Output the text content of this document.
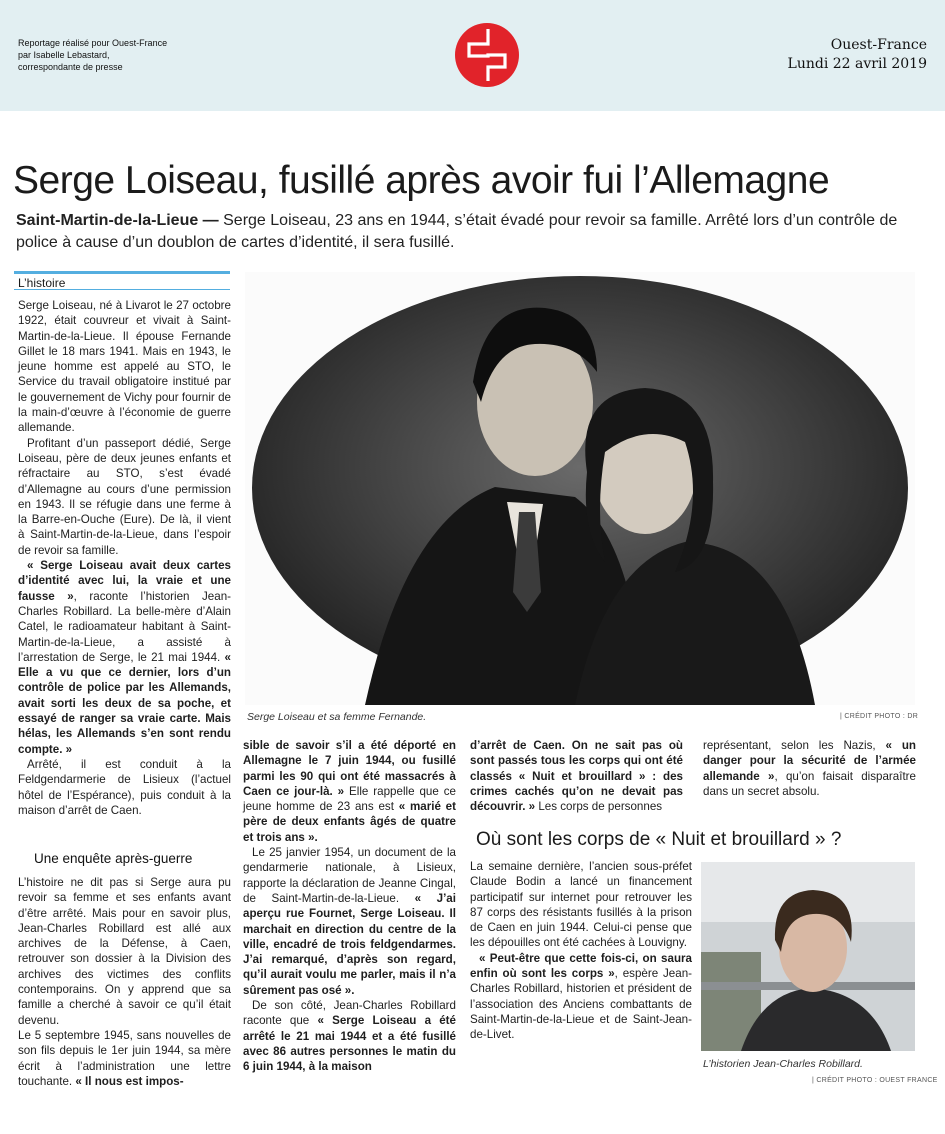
Reportage réalisé pour Ouest-France
par Isabelle Lebastard,
correspondante de presse
Ouest-France
Lundi 22 avril 2019
Serge Loiseau, fusillé après avoir fui l’Allemagne
Saint-Martin-de-la-Lieue — Serge Loiseau, 23 ans en 1944, s’était évadé pour revoir sa famille. Arrêté lors d’un contrôle de police à cause d’un doublon de cartes d’identité, il sera fusillé.
L’histoire
Serge Loiseau et sa femme Fernande.	| CRÉDIT PHOTO : DR

Serge Loiseau, né à Livarot le 27 octobre 1922, était couvreur et vivait à Saint-Martin-de-la-Lieue. Il épouse Fernande Gillet le 18 mars 1941. Mais en 1943, le jeune homme est appelé au STO, le Service du travail obligatoire institué par le gouvernement de Vichy pour fournir de la main-d’œuvre à l’économie de guerre allemande.

Profitant d’un passeport dédié, Serge Loiseau, père de deux jeunes enfants et réfractaire au STO, s’est évadé d’Allemagne au cours d’une permission en 1943. Il se réfugie dans une ferme à la Barre-en-Ouche (Eure). De là, il vient à Saint-Martin-de-la-Lieue, dans l’espoir de revoir sa famille.

« Serge Loiseau avait deux cartes d’identité avec lui, la vraie et une fausse », raconte l’historien Jean-Charles Robillard. La belle-mère d’Alain Catel, le radioamateur habitant à Saint-Martin-de-la-Lieue, a assisté à l’arrestation de Serge, le 21 mai 1944. « Elle a vu que ce dernier, lors d’un contrôle de police par les Allemands, avait sorti les deux de sa poche, et essayé de ranger sa vraie carte. Mais hélas, les Allemands s’en sont rendu compte. »

Arrêté, il est conduit à la Feldgendarmerie de Lisieux (l’actuel hôtel de l’Espérance), puis conduit à la maison d’arrêt de Caen.

Une enquête après-guerre

L’histoire ne dit pas si Serge aura pu revoir sa femme et ses enfants avant d’être arrêté. Mais pour en savoir plus, Jean-Charles Robillard est allé aux archives de la Défense, à Caen, retrouver son dossier à la Division des archives des victimes des conflits contemporains. On y apprend que sa famille a cherché à savoir ce qu’il était devenu.

Le 5 septembre 1945, sans nouvelles de son fils depuis le 1er juin 1944, sa mère écrit à l’administration une lettre touchante. « Il nous est impos-

sible de savoir s’il a été déporté en Allemagne le 7 juin 1944, ou fusillé parmi les 90 qui ont été massacrés à Caen ce jour-là. » Elle rappelle que ce jeune homme de 23 ans est « marié et père de deux enfants âgés de quatre et trois ans ».

Le 25 janvier 1954, un document de la gendarmerie nationale, à Lisieux, rapporte la déclaration de Jeanne Cingal, de Saint-Martin-de-la-Lieue. « J’ai aperçu rue Fournet, Serge Loiseau. Il marchait en direction du centre de la ville, encadré de trois feldgendarmes. J’ai remarqué, d’après son regard, qu’il aurait voulu me parler, mais il n’a sûrement pas osé ».

De son côté, Jean-Charles Robillard raconte que « Serge Loiseau a été arrêté le 21 mai 1944 et a été fusillé avec 86 autres personnes le matin du 6 juin 1944, à la maison

d’arrêt de Caen. On ne sait pas où sont passés tous les corps qui ont été classés « Nuit et brouillard » : des crimes cachés qu’on ne devait pas découvrir. » Les corps de personnes

représentant, selon les Nazis, « un danger pour la sécurité de l’armée allemande », qu’on faisait disparaître dans un secret absolu.

Où sont les corps de « Nuit et brouillard » ?

La semaine dernière, l’ancien sous-préfet Claude Bodin a lancé un financement participatif sur internet pour retrouver les 87 corps des résistants fusillés à la prison de Caen en juin 1944. Celui-ci pense que les dépouilles ont été cachées à Louvigny.

« Peut-être que cette fois-ci, on saura enfin où sont les corps », espère Jean-Charles Robillard, historien et président de l’association des Anciens combattants de Saint-Martin-de-la-Lieue et de Saint-Jean-de-Livet.

L’historien Jean-Charles Robillard.
| CRÉDIT PHOTO : OUEST FRANCE
